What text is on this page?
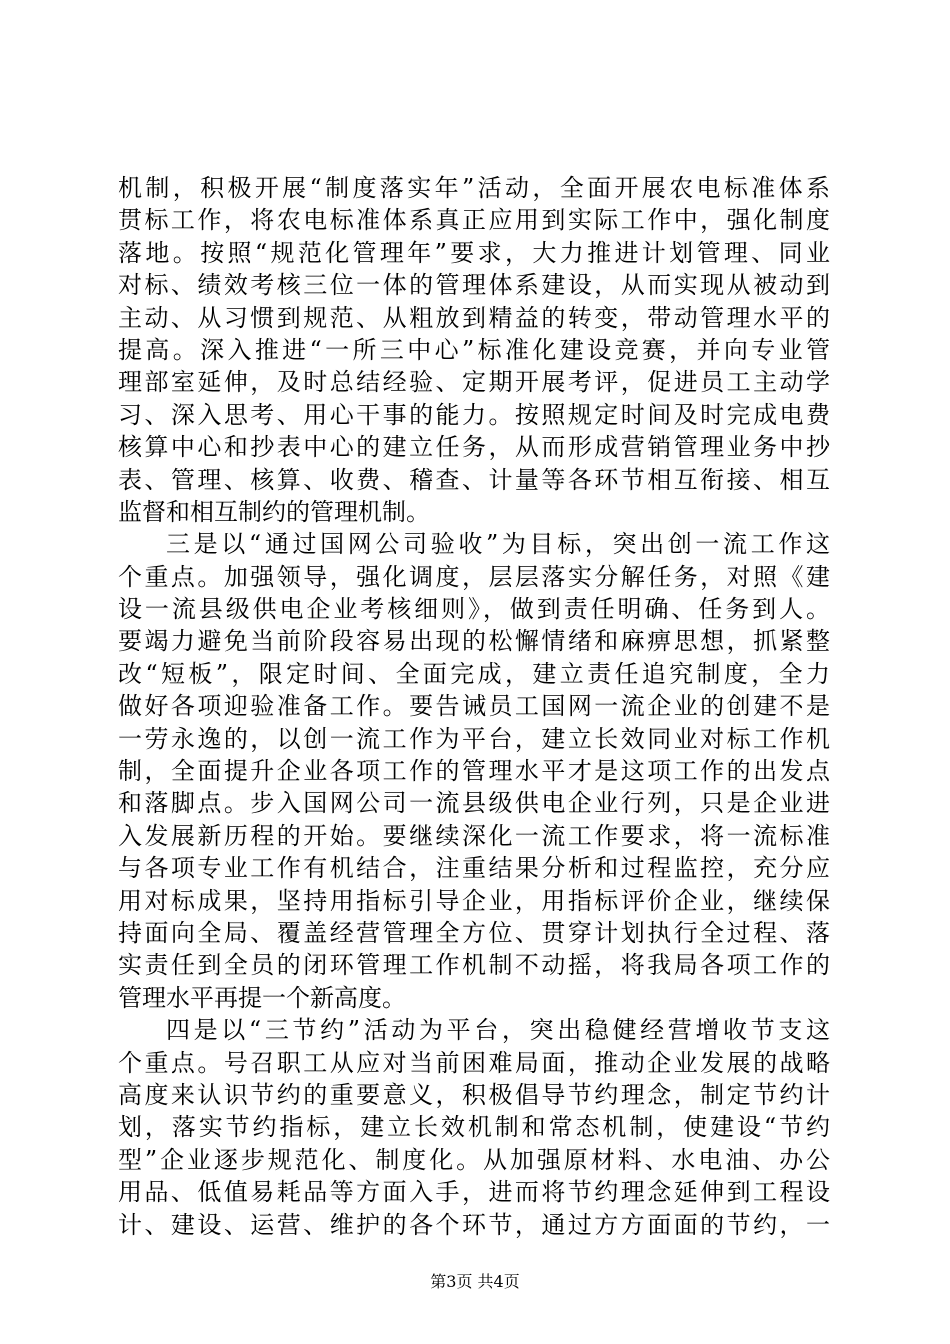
机制，积极开展“制度落实年”活动，全面开展农电标准体系
贯标工作，将农电标准体系真正应用到实际工作中，强化制度
落地。按照“规范化管理年”要求，大力推进计划管理、同业
对标、绩效考核三位一体的管理体系建设，从而实现从被动到
主动、从习惯到规范、从粗放到精益的转变，带动管理水平的
提高。深入推进“一所三中心”标准化建设竞赛，并向专业管
理部室延伸，及时总结经验、定期开展考评，促进员工主动学
习、深入思考、用心干事的能力。按照规定时间及时完成电费
核算中心和抄表中心的建立任务，从而形成营销管理业务中抄
表、管理、核算、收费、稽查、计量等各环节相互衔接、相互
监督和相互制约的管理机制。
三是以“通过国网公司验收”为目标，突出创一流工作这
个重点。加强领导，强化调度，层层落实分解任务，对照《建
设一流县级供电企业考核细则》，做到责任明确、任务到人。
要竭力避免当前阶段容易出现的松懈情绪和麻痹思想，抓紧整
改“短板”，限定时间、全面完成，建立责任追究制度，全力
做好各项迎验准备工作。要告诫员工国网一流企业的创建不是
一劳永逸的，以创一流工作为平台，建立长效同业对标工作机
制，全面提升企业各项工作的管理水平才是这项工作的出发点
和落脚点。步入国网公司一流县级供电企业行列，只是企业进
入发展新历程的开始。要继续深化一流工作要求，将一流标准
与各项专业工作有机结合，注重结果分析和过程监控，充分应
用对标成果，坚持用指标引导企业，用指标评价企业，继续保
持面向全局、覆盖经营管理全方位、贯穿计划执行全过程、落
实责任到全员的闭环管理工作机制不动摇，将我局各项工作的
管理水平再提一个新高度。
四是以“三节约”活动为平台，突出稳健经营增收节支这
个重点。号召职工从应对当前困难局面，推动企业发展的战略
高度来认识节约的重要意义，积极倡导节约理念，制定节约计
划，落实节约指标，建立长效机制和常态机制，使建设“节约
型”企业逐步规范化、制度化。从加强原材料、水电油、办公
用品、低值易耗品等方面入手，进而将节约理念延伸到工程设
计、建设、运营、维护的各个环节，通过方方面面的节约，一
第3页 共4页
